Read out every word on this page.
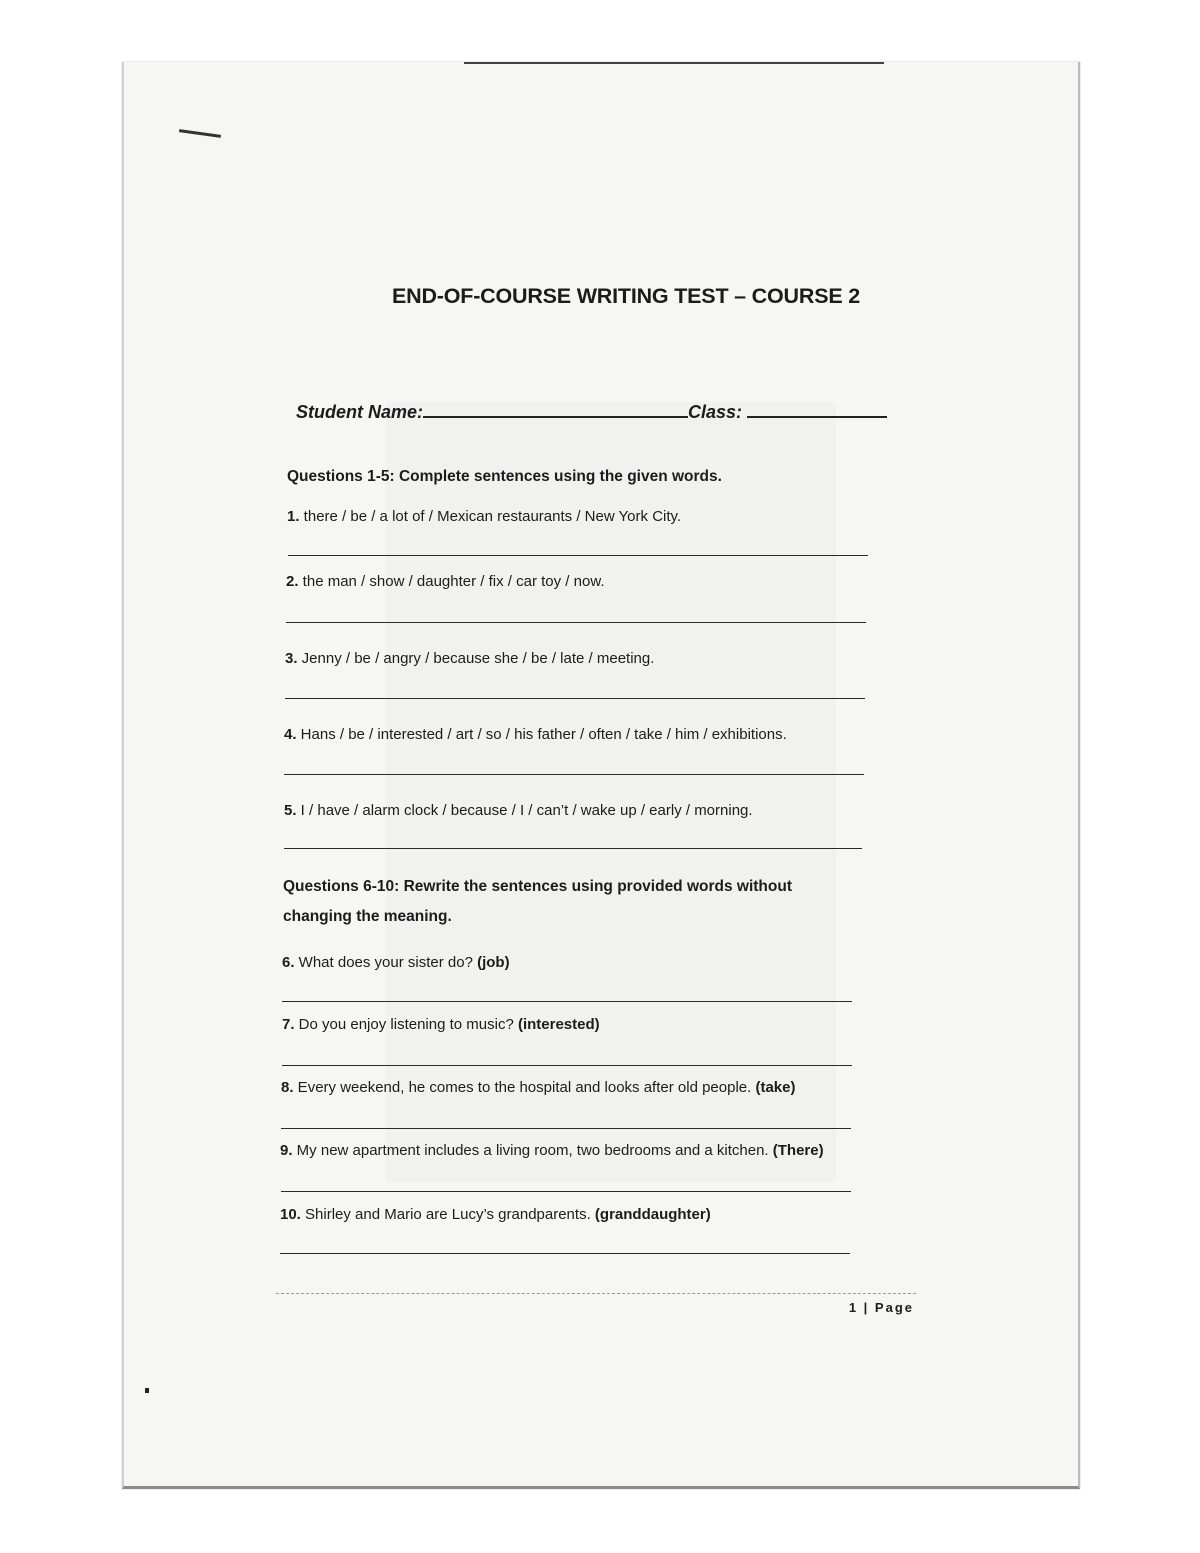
END-OF-COURSE WRITING TEST – COURSE 2
Student Name:	Class:
Questions 1-5: Complete sentences using the given words.
1. there / be / a lot of / Mexican restaurants / New York City.
2. the man / show / daughter / fix / car toy / now.
3. Jenny / be / angry / because she / be / late / meeting.
4. Hans / be / interested / art / so / his father / often / take / him / exhibitions.
5. I / have / alarm clock / because / I / can’t / wake up / early / morning.
Questions 6-10: Rewrite the sentences using provided words without
changing the meaning.
6. What does your sister do? (job)
7. Do you enjoy listening to music? (interested)
8. Every weekend, he comes to the hospital and looks after old people. (take)
9. My new apartment includes a living room, two bedrooms and a kitchen. (There)
10. Shirley and Mario are Lucy’s grandparents. (granddaughter)
1 | Page
